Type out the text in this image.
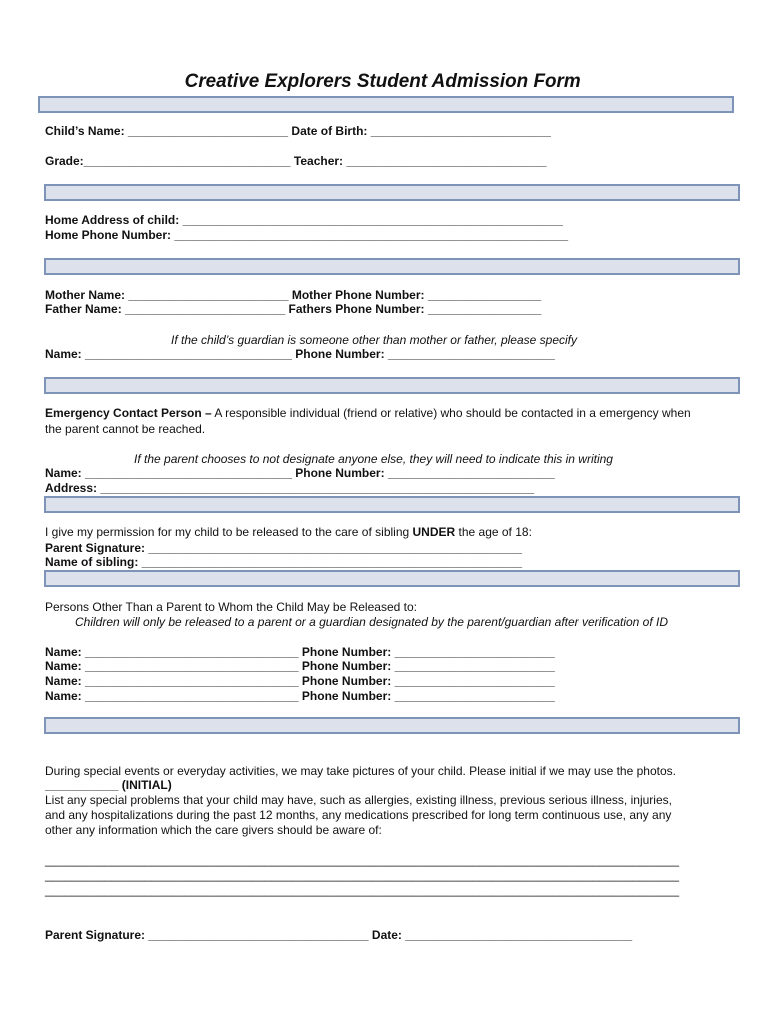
Creative Explorers Student Admission Form
Child’s Name: ________________________ Date of Birth: ___________________________
Grade:_______________________________ Teacher: ______________________________
Home Address of child: _________________________________________________________
Home Phone Number: ___________________________________________________________
Mother Name: ________________________ Mother Phone Number: _________________
Father Name: ________________________ Fathers Phone Number: _________________
If the child’s guardian is someone other than mother or father, please specify
Name: _______________________________ Phone Number: _________________________
Emergency Contact Person – A responsible individual (friend or relative) who should be contacted in a emergency when
the parent cannot be reached.
If the parent chooses to not designate anyone else, they will need to indicate this in writing
Name: _______________________________ Phone Number: _________________________
Address: _________________________________________________________________
I give my permission for my child to be released to the care of sibling UNDER the age of 18:
Parent Signature: ________________________________________________________
Name of sibling: _________________________________________________________
Persons Other Than a Parent to Whom the Child May be Released to:
Children will only be released to a parent or a guardian designated by the parent/guardian after verification of ID
Name: ________________________________ Phone Number: ________________________
Name: ________________________________ Phone Number: ________________________
Name: ________________________________ Phone Number: ________________________
Name: ________________________________ Phone Number: ________________________
During special events or everyday activities, we may take pictures of your child. Please initial if we may use the photos.
___________ (INITIAL)
List any special problems that your child may have, such as allergies, existing illness, previous serious illness, injuries,
and any hospitalizations during the past 12 months, any medications prescribed for long term continuous use, any any
other any information which the care givers should be aware of:
_______________________________________________________________________________________________
_______________________________________________________________________________________________
_______________________________________________________________________________________________
Parent Signature: _________________________________ Date: __________________________________
